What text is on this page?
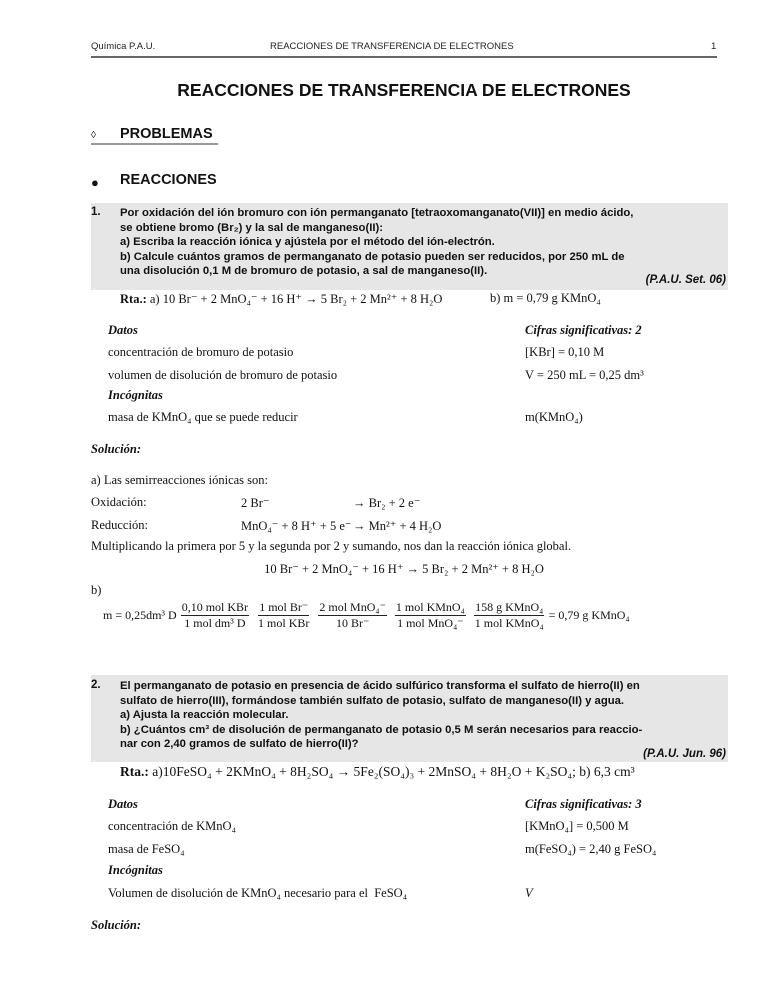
Química P.A.U.	REACCIONES DE TRANSFERENCIA DE ELECTRONES	1
REACCIONES DE TRANSFERENCIA DE ELECTRONES
◊ PROBLEMAS
● REACCIONES
1. Por oxidación del ión bromuro con ión permanganato [tetraoxomanganato(VII)] en medio ácido,
se obtiene bromo (Br₂) y la sal de manganeso(II):
a) Escriba la reacción iónica y ajústela por el método del ión-electrón.
b) Calcule cuántos gramos de permanganato de potasio pueden ser reducidos, por 250 mL de
una disolución 0,1 M de bromuro de potasio, a sal de manganeso(II).
(P.A.U. Set. 06)
Rta.: a) 10 Br⁻ + 2 MnO₄⁻ + 16 H⁺ → 5 Br₂ + 2 Mn²⁺ + 8 H₂O	b) m = 0,79 g KMnO₄
Datos	Cifras significativas: 2
concentración de bromuro de potasio	[KBr] = 0,10 M
volumen de disolución de bromuro de potasio	V = 250 mL = 0,25 dm³
Incógnitas
masa de KMnO₄ que se puede reducir	m(KMnO₄)
Solución:
a) Las semirreacciones iónicas son:
Oxidación:	2 Br⁻	→ Br₂ + 2 e⁻
Reducción:	MnO₄⁻ + 8 H⁺ + 5 e⁻ → Mn²⁺ + 4 H₂O
Multiplicando la primera por 5 y la segunda por 2 y sumando, nos dan la reacción iónica global.
10 Br⁻ + 2 MnO₄⁻ + 16 H⁺ → 5 Br₂ + 2 Mn²⁺ + 8 H₂O
b)
m = 0,25dm³ D $\frac{\text{0,10 mol KBr}}{\text{1 mol dm³ D}} \frac{\text{1 mol Br⁻}}{\text{1 mol KBr}} \frac{\text{2 mol MnO₄⁻}}{10 Br^-} \frac{\text{1 mol KMnO₄}}{\text{1 mol MnO₄⁻}} \frac{\text{158 g KMnO₄}}{\text{1 mol KMnO₄}} = 0,79$ g KMnO₄
2. El permanganato de potasio en presencia de ácido sulfúrico transforma el sulfato de hierro(II) en
sulfato de hierro(III), formándose también sulfato de potasio, sulfato de manganeso(II) y agua.
a) Ajusta la reacción molecular.
b) ¿Cuántos cm³ de disolución de permanganato de potasio 0,5 M serán necesarios para reaccio-
nar con 2,40 gramos de sulfato de hierro(II)?
(P.A.U. Jun. 96)
Rta.: a)10FeSO₄ + 2KMnO₄ + 8H₂SO₄ → 5Fe₂(SO₄)₃ + 2MnSO₄ + 8H₂O + K₂SO₄; b) 6,3 cm³
Datos	Cifras significativas: 3
concentración de KMnO₄	[KMnO₄] = 0,500 M
masa de FeSO₄	m(FeSO₄) = 2,40 g FeSO₄
Incógnitas
Volumen de disolución de KMnO₄ necesario para el  FeSO₄	V
Solución:
